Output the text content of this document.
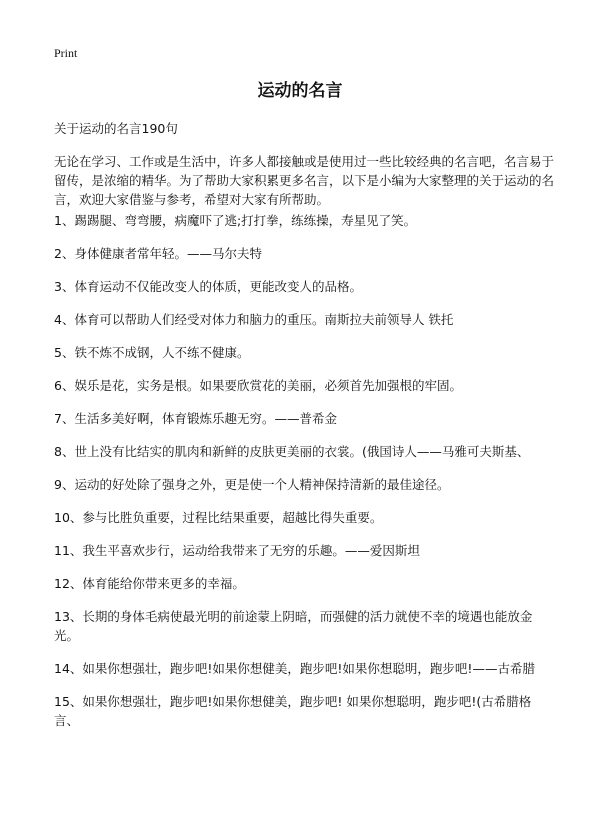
Print
运动的名言
关于运动的名言190句
无论在学习、工作或是生活中，许多人都接触或是使用过一些比较经典的名言吧，名言易于留传，是浓缩的精华。为了帮助大家积累更多名言，以下是小编为大家整理的关于运动的名言，欢迎大家借鉴与参考，希望对大家有所帮助。
1、踢踢腿、弯弯腰，病魔吓了逃;打打拳，练练操，寿星见了笑。
2、身体健康者常年轻。——马尔夫特
3、体育运动不仅能改变人的体质，更能改变人的品格。
4、体育可以帮助人们经受对体力和脑力的重压。南斯拉夫前领导人 铁托
5、铁不炼不成钢，人不练不健康。
6、娱乐是花，实务是根。如果要欣赏花的美丽，必须首先加强根的牢固。
7、生活多美好啊，体育锻炼乐趣无穷。——普希金
8、世上没有比结实的肌肉和新鲜的皮肤更美丽的衣裳。(俄国诗人——马雅可夫斯基、
9、运动的好处除了强身之外，更是使一个人精神保持清新的最佳途径。
10、参与比胜负重要，过程比结果重要，超越比得失重要。
11、我生平喜欢步行，运动给我带来了无穷的乐趣。——爱因斯坦
12、体育能给你带来更多的幸福。
13、长期的身体毛病使最光明的前途蒙上阴暗，而强健的活力就使不幸的境遇也能放金光。
14、如果你想强壮，跑步吧!如果你想健美，跑步吧!如果你想聪明，跑步吧!——古希腊
15、如果你想强壮，跑步吧!如果你想健美，跑步吧! 如果你想聪明，跑步吧!(古希腊格言、
